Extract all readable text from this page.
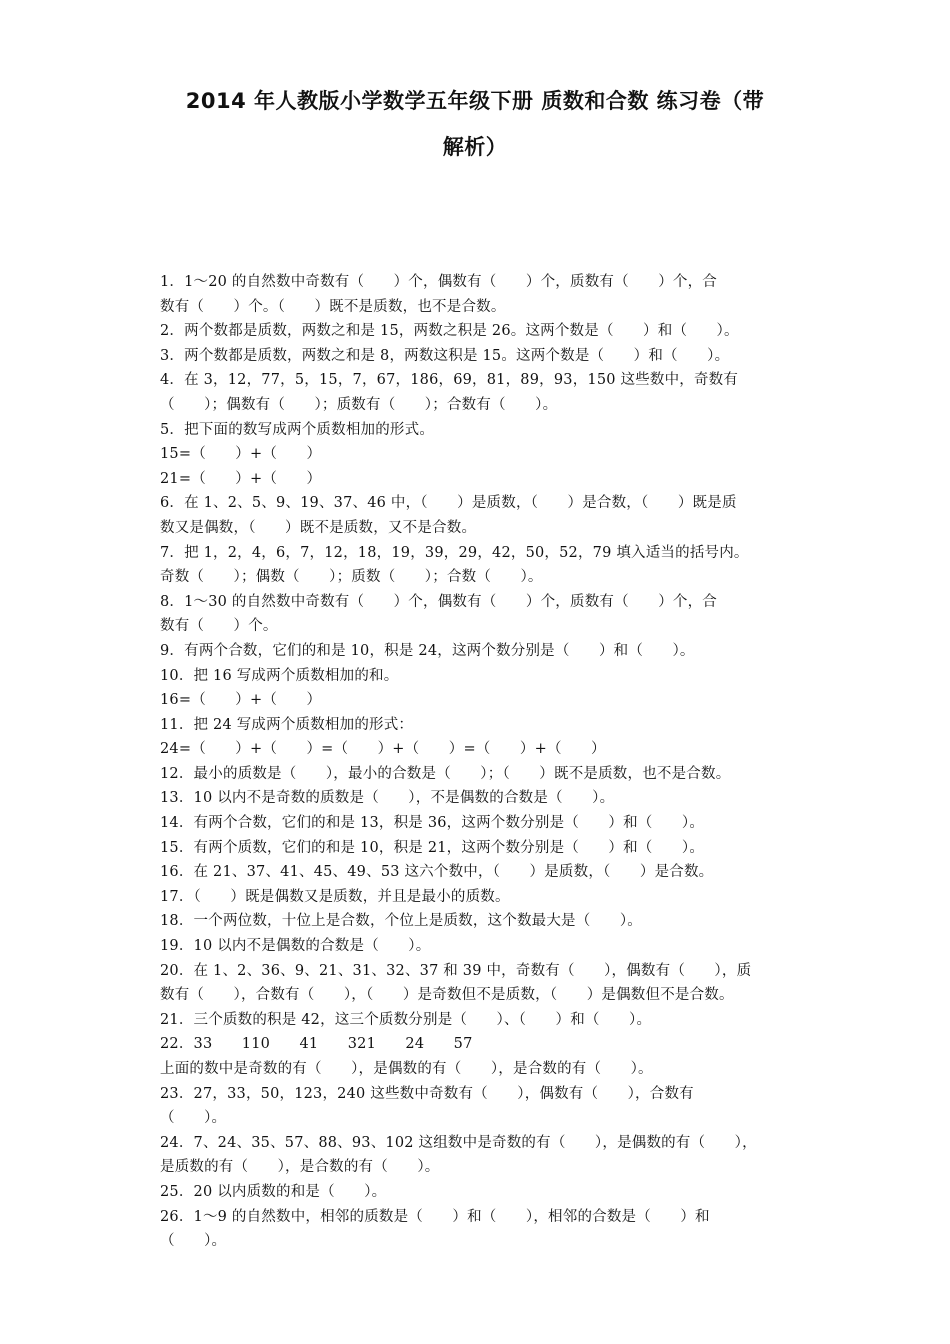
2014 年人教版小学数学五年级下册 质数和合数 练习卷（带
解析）
1．1～20 的自然数中奇数有（　　）个，偶数有（　　）个，质数有（　　）个，合
数有（　　）个。（　　）既不是质数，也不是合数。
2．两个数都是质数，两数之和是 15，两数之积是 26。这两个数是（　　）和（　　）。
3．两个数都是质数，两数之和是 8，两数这积是 15。这两个数是（　　）和（　　）。
4．在 3，12，77，5，15，7，67，186，69，81，89，93，150 这些数中，奇数有
（　　）；偶数有（　　）；质数有（　　）；合数有（　　）。
5．把下面的数写成两个质数相加的形式。
15=（　　）+（　　）
21=（　　）+（　　）
6．在 1、2、5、9、19、37、46 中，（　　）是质数，（　　）是合数，（　　）既是质
数又是偶数，（　　）既不是质数，又不是合数。
7．把 1，2，4，6，7，12，18，19，39，29，42，50，52，79 填入适当的括号内。
奇数（　　）；偶数（　　）；质数（　　）；合数（　　）。
8．1～30 的自然数中奇数有（　　）个，偶数有（　　）个，质数有（　　）个，合
数有（　　）个。
9．有两个合数，它们的和是 10，积是 24，这两个数分别是（　　）和（　　）。
10．把 16 写成两个质数相加的和。
16=（　　）+（　　）
11．把 24 写成两个质数相加的形式：
24=（　　）+（　　）=（　　）+（　　）=（　　）+（　　）
12．最小的质数是（　　），最小的合数是（　　）；（　　）既不是质数，也不是合数。
13．10 以内不是奇数的质数是（　　），不是偶数的合数是（　　）。
14．有两个合数，它们的和是 13，积是 36，这两个数分别是（　　）和（　　）。
15．有两个质数，它们的和是 10，积是 21，这两个数分别是（　　）和（　　）。
16．在 21、37、41、45、49、53 这六个数中，（　　）是质数，（　　）是合数。
17．（　　）既是偶数又是质数，并且是最小的质数。
18．一个两位数，十位上是合数，个位上是质数，这个数最大是（　　）。
19．10 以内不是偶数的合数是（　　）。
20．在 1、2、36、9、21、31、32、37 和 39 中，奇数有（　　），偶数有（　　），质
数有（　　），合数有（　　），（　　）是奇数但不是质数，（　　）是偶数但不是合数。
21．三个质数的积是 42，这三个质数分别是（　　）、（　　）和（　　）。
22．33　　110　　41　　321　　24　　57
上面的数中是奇数的有（　　），是偶数的有（　　），是合数的有（　　）。
23．27，33，50，123，240 这些数中奇数有（　　），偶数有（　　），合数有
（　　）。
24．7、24、35、57、88、93、102 这组数中是奇数的有（　　），是偶数的有（　　），
是质数的有（　　），是合数的有（　　）。
25．20 以内质数的和是（　　）。
26．1～9 的自然数中，相邻的质数是（　　）和（　　），相邻的合数是（　　）和
（　　）。
